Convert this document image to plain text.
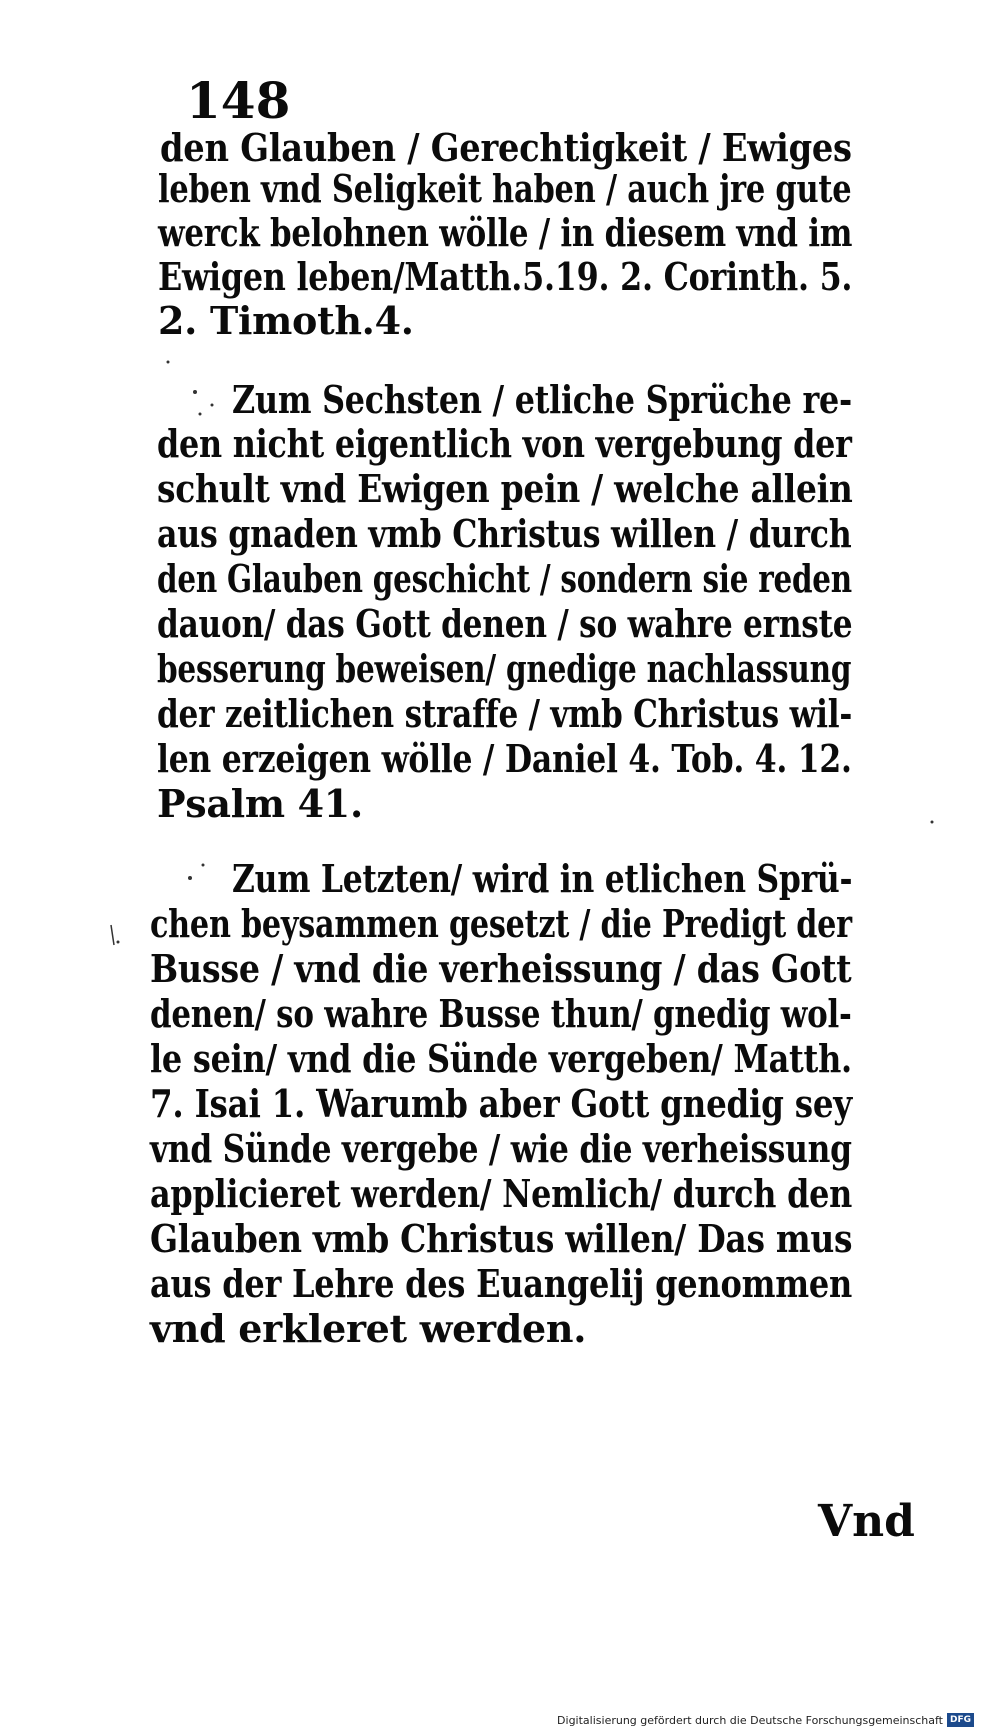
148
den Glauben / Gerechtigkeit / Ewiges
leben vnd Seligkeit haben / auch jre gute
werck belohnen wölle / in diesem vnd im
Ewigen leben/Matth.5.19. 2. Corinth. 5.
2. Timoth.4.
Zum Sechsten / etliche Sprüche re-
den nicht eigentlich von vergebung der
schult vnd Ewigen pein / welche allein
aus gnaden vmb Christus willen / durch
den Glauben geschicht / sondern sie reden
dauon/ das Gott denen / so wahre ernste
besserung beweisen/ gnedige nachlassung
der zeitlichen straffe / vmb Christus wil-
len erzeigen wölle / Daniel 4. Tob. 4. 12.
Psalm 41.
Zum Letzten/ wird in etlichen Sprü-
chen beysammen gesetzt / die Predigt der
Busse / vnd die verheissung / das Gott
denen/ so wahre Busse thun/ gnedig wol-
le sein/ vnd die Sünde vergeben/ Matth.
7. Isai 1. Warumb aber Gott gnedig sey
vnd Sünde vergebe / wie die verheissung
applicieret werden/ Nemlich/ durch den
Glauben vmb Christus willen/ Das mus
aus der Lehre des Euangelij genommen
vnd erkleret werden.
Vnd
Digitalisierung gefördert durch die Deutsche Forschungsgemeinschaft DFG
